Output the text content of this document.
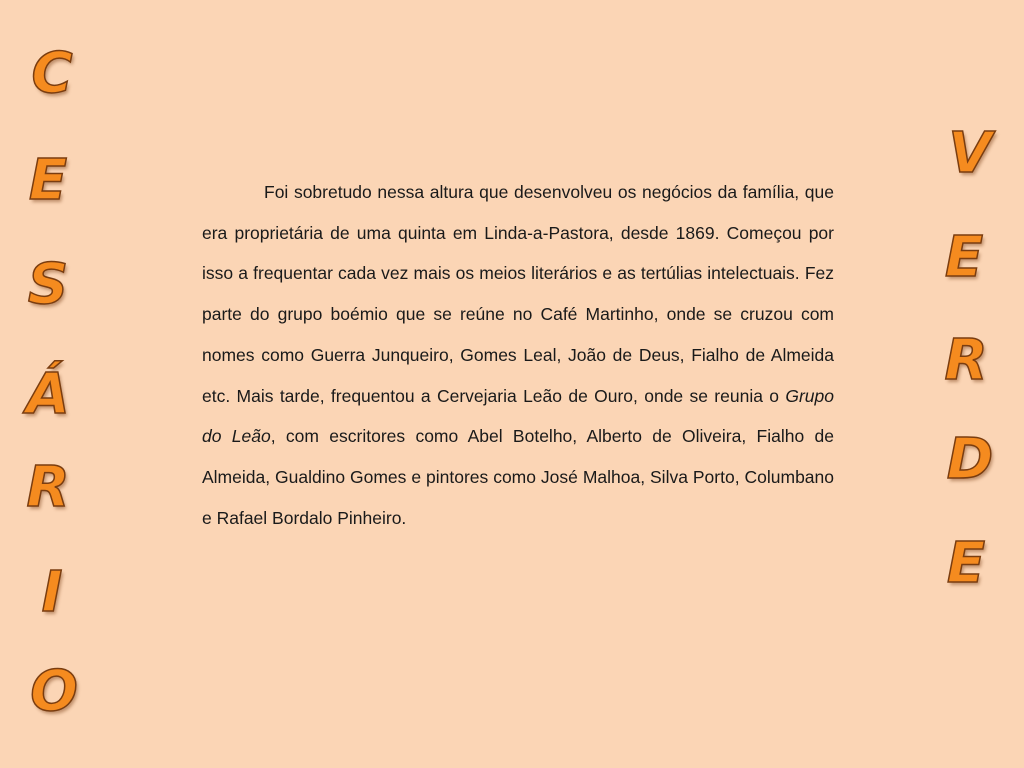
C
E
S
Á
R
I
O
V
E
R
D
E

Foi sobretudo nessa altura que desenvolveu os negócios da família, que era proprietária de uma quinta em Linda-a-Pastora, desde 1869. Começou por isso a frequentar cada vez mais os meios literários e as tertúlias intelectuais. Fez parte do grupo boémio que se reúne no Café Martinho, onde se cruzou com nomes como Guerra Junqueiro, Gomes Leal, João de Deus, Fialho de Almeida etc. Mais tarde, frequentou a Cervejaria Leão de Ouro, onde se reunia o Grupo do Leão, com escritores como Abel Botelho, Alberto de Oliveira, Fialho de Almeida, Gualdino Gomes e pintores como José Malhoa, Silva Porto, Columbano e Rafael Bordalo Pinheiro.
